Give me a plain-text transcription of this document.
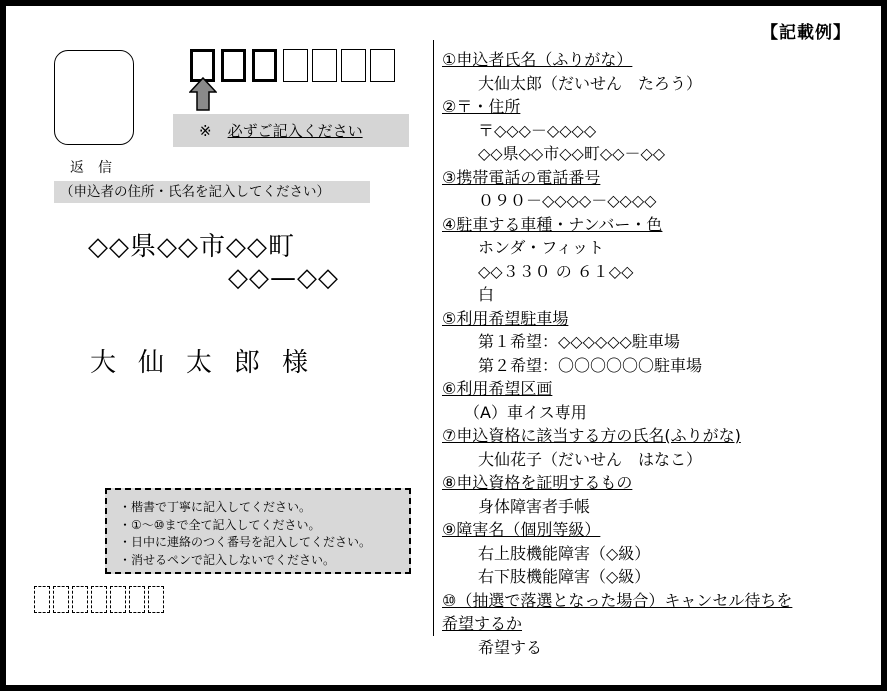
【記載例】
※ 必ずご記入ください
返信
（申込者の住所・氏名を記入してください）
◇◇県◇◇市◇◇町
◇◇—◇◇
大仙太郎様
・楷書で丁寧に記入してください。
・①～⑩まで全て記入してください。
・日中に連絡のつく番号を記入してください。
・消せるペンで記入しないでください。
①申込者氏名（ふりがな）
大仙太郎（だいせん　たろう）
②〒・住所
〒◇◇◇－◇◇◇◇
◇◇県◇◇市◇◇町◇◇－◇◇
③携帯電話の電話番号
０９０－◇◇◇◇－◇◇◇◇
④駐車する車種・ナンバー・色
ホンダ・フィット
◇◇３３０ の ６１◇◇
白
⑤利用希望駐車場
第１希望：◇◇◇◇◇◇駐車場
第２希望：〇〇〇〇〇〇駐車場
⑥利用希望区画
（A）車イス専用
⑦申込資格に該当する方の氏名(ふりがな)
大仙花子（だいせん　はなこ）
⑧申込資格を証明するもの
身体障害者手帳
⑨障害名（個別等級）
右上肢機能障害（◇級）
右下肢機能障害（◇級）
⑩（抽選で落選となった場合）キャンセル待ちを
希望するか
希望する
